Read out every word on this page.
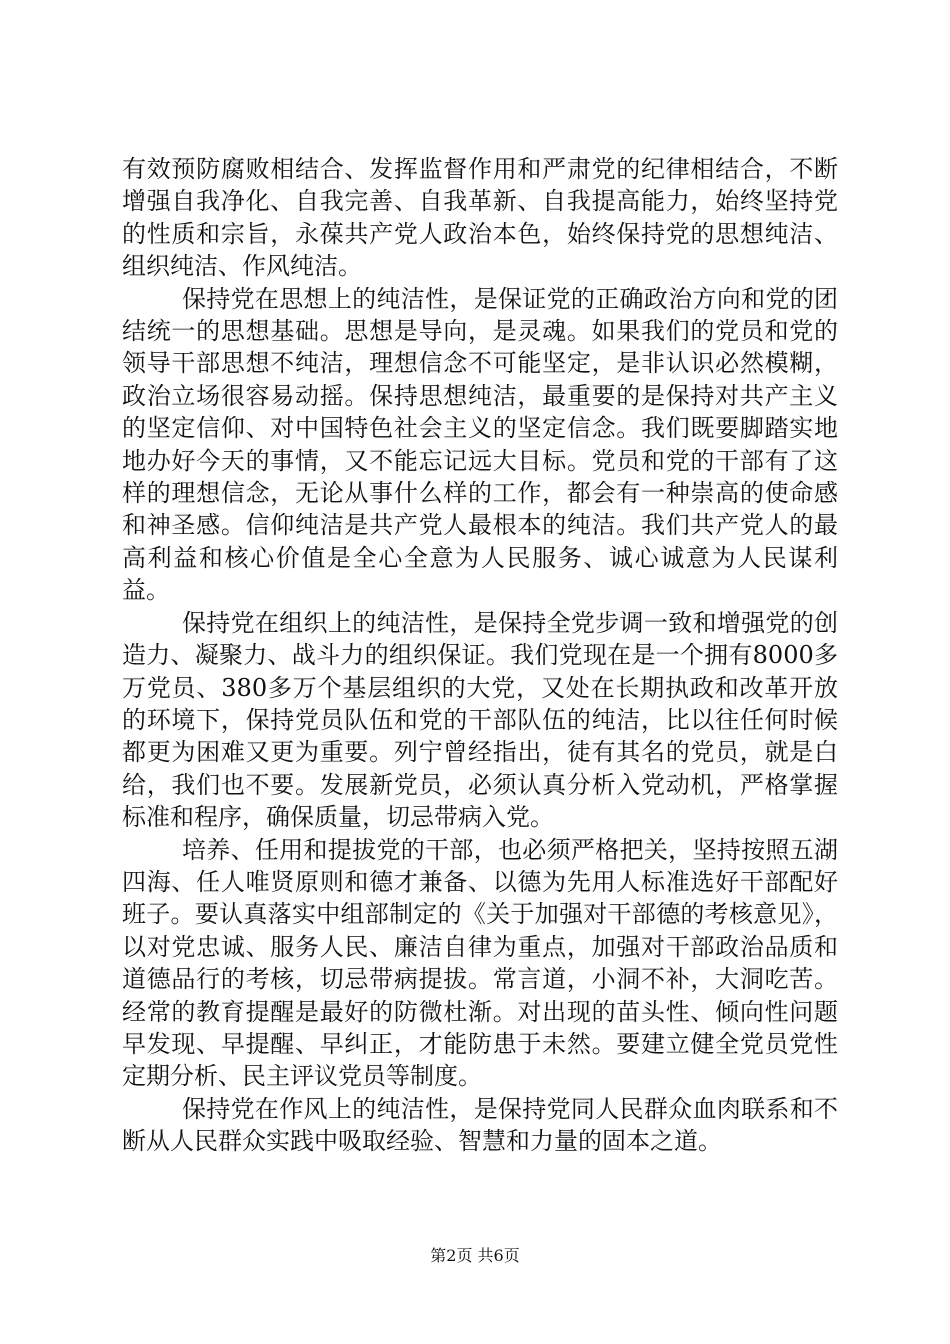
有效预防腐败相结合、发挥监督作用和严肃党的纪律相结合，不断增强自我净化、自我完善、自我革新、自我提高能力，始终坚持党的性质和宗旨，永葆共产党人政治本色，始终保持党的思想纯洁、组织纯洁、作风纯洁。

保持党在思想上的纯洁性，是保证党的正确政治方向和党的团结统一的思想基础。思想是导向，是灵魂。如果我们的党员和党的领导干部思想不纯洁，理想信念不可能坚定，是非认识必然模糊，政治立场很容易动摇。保持思想纯洁，最重要的是保持对共产主义的坚定信仰、对中国特色社会主义的坚定信念。我们既要脚踏实地地办好今天的事情，又不能忘记远大目标。党员和党的干部有了这样的理想信念，无论从事什么样的工作，都会有一种崇高的使命感和神圣感。信仰纯洁是共产党人最根本的纯洁。我们共产党人的最高利益和核心价值是全心全意为人民服务、诚心诚意为人民谋利益。

保持党在组织上的纯洁性，是保持全党步调一致和增强党的创造力、凝聚力、战斗力的组织保证。我们党现在是一个拥有8000多万党员、380多万个基层组织的大党，又处在长期执政和改革开放的环境下，保持党员队伍和党的干部队伍的纯洁，比以往任何时候都更为困难又更为重要。列宁曾经指出，徒有其名的党员，就是白给，我们也不要。发展新党员，必须认真分析入党动机，严格掌握标准和程序，确保质量，切忌带病入党。

培养、任用和提拔党的干部，也必须严格把关，坚持按照五湖四海、任人唯贤原则和德才兼备、以德为先用人标准选好干部配好班子。要认真落实中组部制定的《关于加强对干部德的考核意见》，以对党忠诚、服务人民、廉洁自律为重点，加强对干部政治品质和道德品行的考核，切忌带病提拔。常言道，小洞不补，大洞吃苦。经常的教育提醒是最好的防微杜渐。对出现的苗头性、倾向性问题早发现、早提醒、早纠正，才能防患于未然。要建立健全党员党性定期分析、民主评议党员等制度。

保持党在作风上的纯洁性，是保持党同人民群众血肉联系和不断从人民群众实践中吸取经验、智慧和力量的固本之道。

第2页 共6页
